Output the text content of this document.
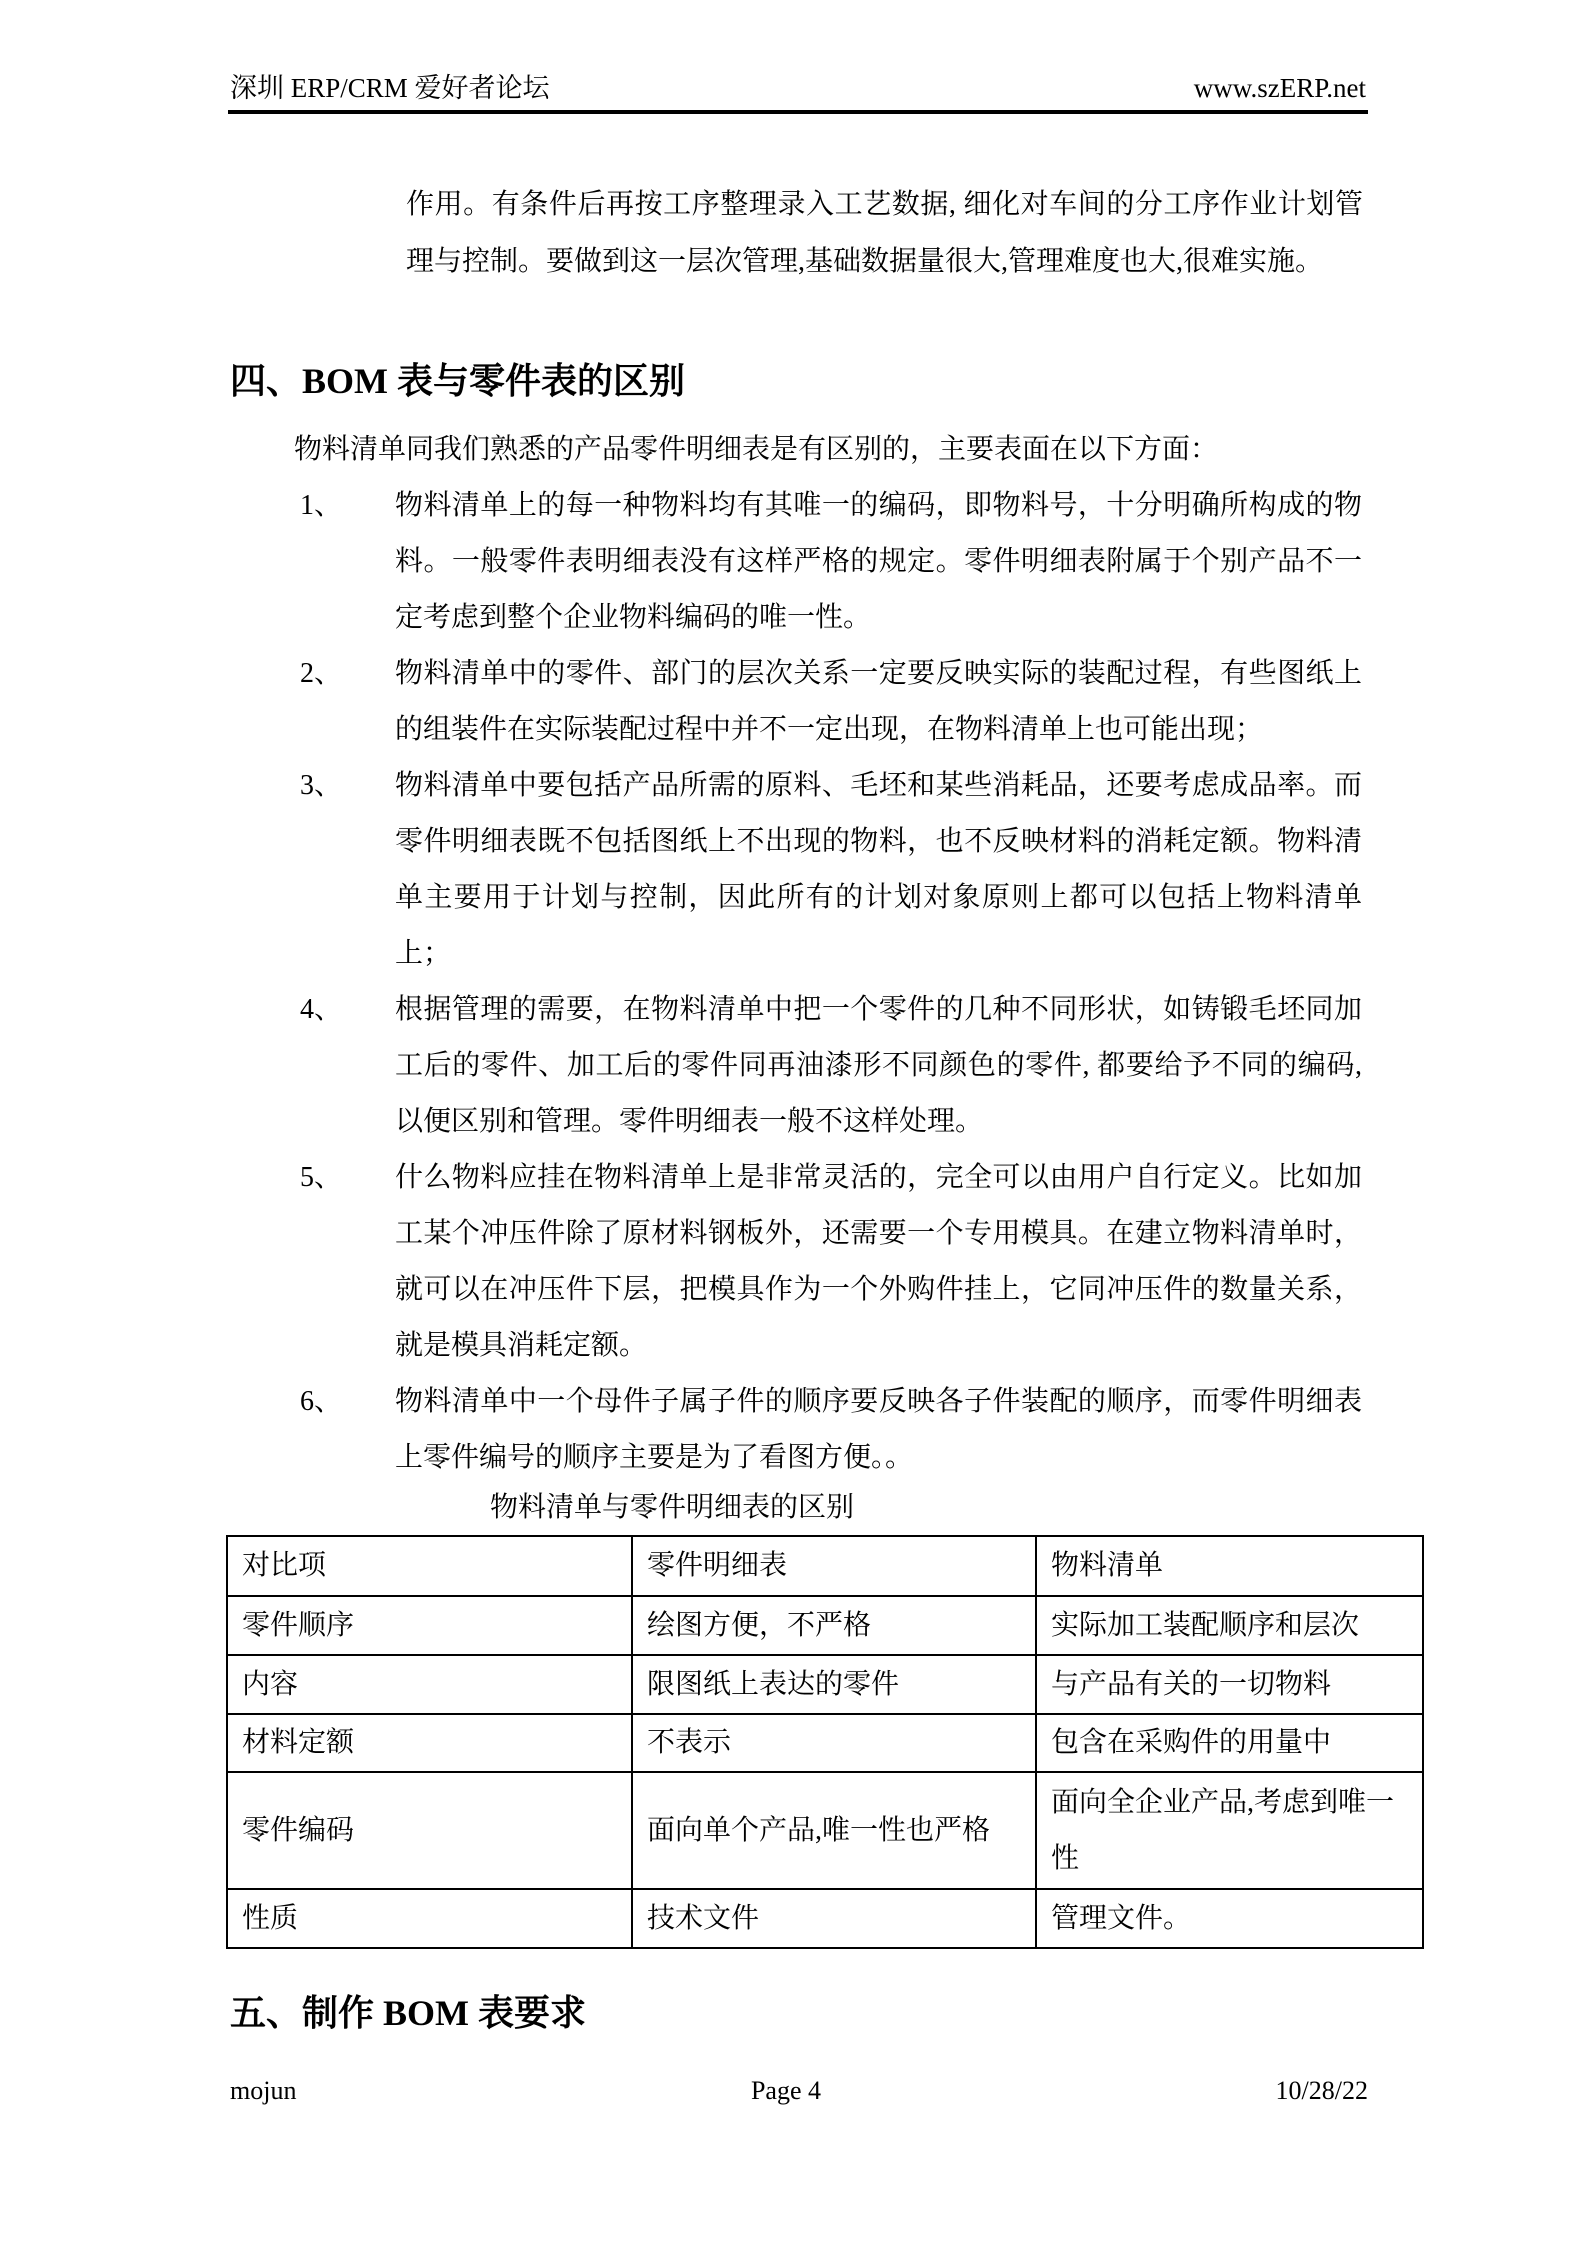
深圳 ERP/CRM 爱好者论坛	www.szERP.net
作用。有条件后再按工序整理录入工艺数据, 细化对车间的分工序作业计划管理与控制。要做到这一层次管理,基础数据量很大,管理难度也大,很难实施。
四、BOM 表与零件表的区别
物料清单同我们熟悉的产品零件明细表是有区别的，主要表面在以下方面：
1、	物料清单上的每一种物料均有其唯一的编码，即物料号，十分明确所构成的物料。一般零件表明细表没有这样严格的规定。零件明细表附属于个别产品不一定考虑到整个企业物料编码的唯一性。
2、	物料清单中的零件、部门的层次关系一定要反映实际的装配过程，有些图纸上的组装件在实际装配过程中并不一定出现，在物料清单上也可能出现；
3、	物料清单中要包括产品所需的原料、毛坯和某些消耗品，还要考虑成品率。而零件明细表既不包括图纸上不出现的物料，也不反映材料的消耗定额。物料清单主要用于计划与控制，因此所有的计划对象原则上都可以包括上物料清单上；
4、	根据管理的需要，在物料清单中把一个零件的几种不同形状，如铸锻毛坯同加工后的零件、加工后的零件同再油漆形不同颜色的零件, 都要给予不同的编码, 以便区别和管理。零件明细表一般不这样处理。
5、	什么物料应挂在物料清单上是非常灵活的，完全可以由用户自行定义。比如加工某个冲压件除了原材料钢板外，还需要一个专用模具。在建立物料清单时，就可以在冲压件下层，把模具作为一个外购件挂上，它同冲压件的数量关系，就是模具消耗定额。
6、	物料清单中一个母件子属子件的顺序要反映各子件装配的顺序，而零件明细表上零件编号的顺序主要是为了看图方便。。
物料清单与零件明细表的区别
对比项	零件明细表	物料清单
零件顺序	绘图方便，不严格	实际加工装配顺序和层次
内容	限图纸上表达的零件	与产品有关的一切物料
材料定额	不表示	包含在采购件的用量中
零件编码	面向单个产品,唯一性也严格	面向全企业产品,考虑到唯一性
性质	技术文件	管理文件。
五、制作 BOM 表要求
mojun	Page 4	10/28/22
